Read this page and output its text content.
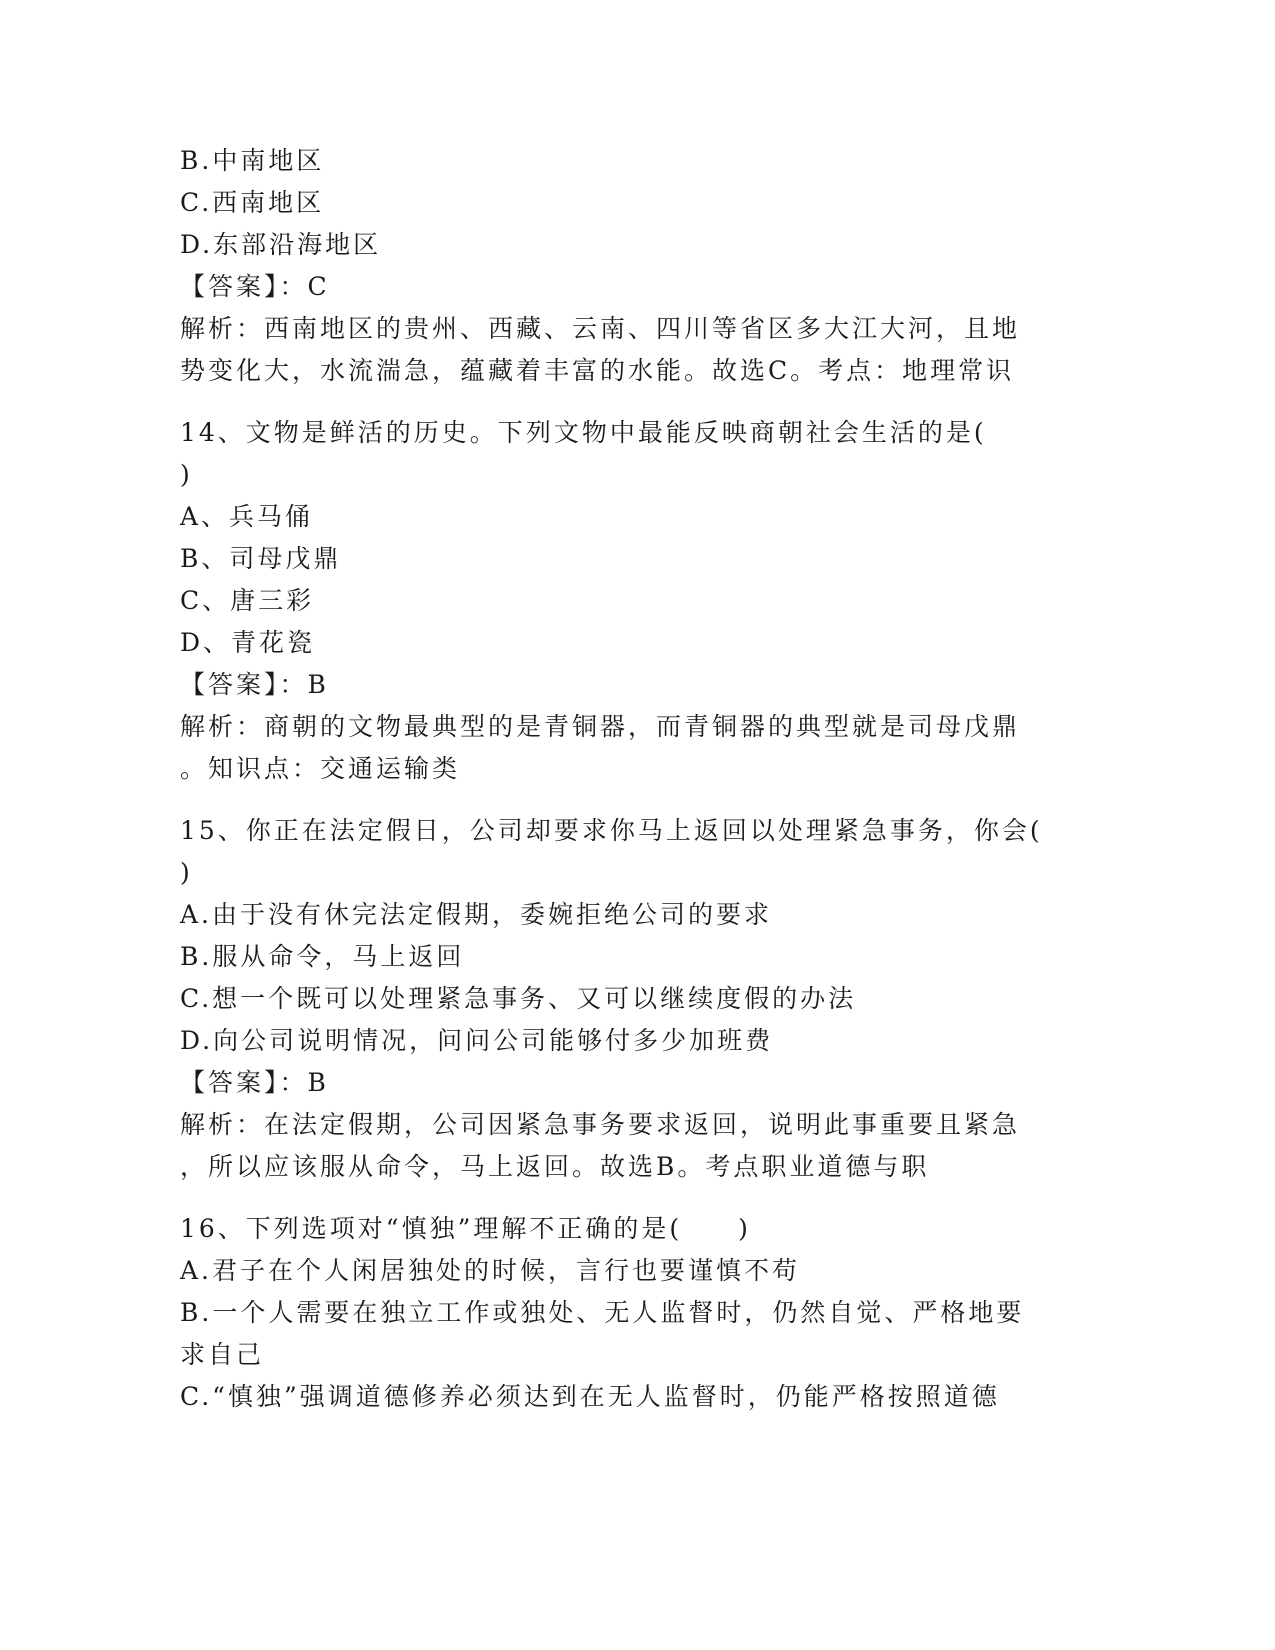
B.中南地区
C.西南地区
D.东部沿海地区
【答案】：C
解析：西南地区的贵州、西藏、云南、四川等省区多大江大河，且地
势变化大，水流湍急，蕴藏着丰富的水能。故选C。考点：地理常识
14、文物是鲜活的历史。下列文物中最能反映商朝社会生活的是(
)
A、兵马俑
B、司母戊鼎
C、唐三彩
D、青花瓷
【答案】：B
解析：商朝的文物最典型的是青铜器，而青铜器的典型就是司母戊鼎
。知识点：交通运输类
15、你正在法定假日，公司却要求你马上返回以处理紧急事务，你会(
)
A.由于没有休完法定假期，委婉拒绝公司的要求
B.服从命令，马上返回
C.想一个既可以处理紧急事务、又可以继续度假的办法
D.向公司说明情况，问问公司能够付多少加班费
【答案】：B
解析：在法定假期，公司因紧急事务要求返回，说明此事重要且紧急
，所以应该服从命令，马上返回。故选B。考点职业道德与职
16、下列选项对“慎独”理解不正确的是(　　)
A.君子在个人闲居独处的时候，言行也要谨慎不苟
B.一个人需要在独立工作或独处、无人监督时，仍然自觉、严格地要
求自己
C.“慎独”强调道德修养必须达到在无人监督时，仍能严格按照道德
